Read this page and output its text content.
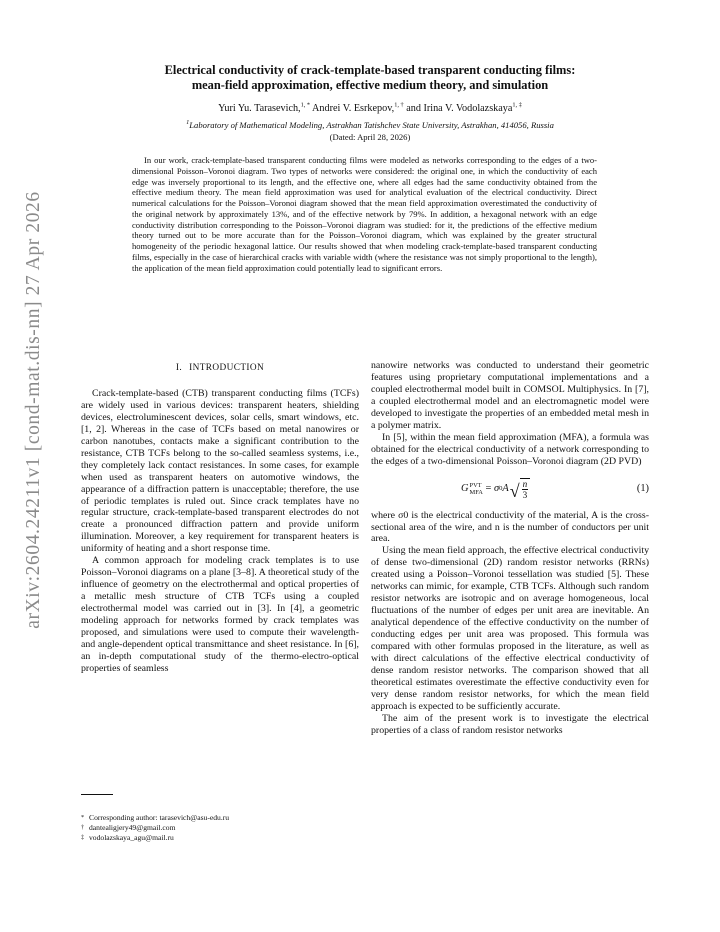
arXiv:2604.24211v1 [cond-mat.dis-nn] 27 Apr 2026
Electrical conductivity of crack-template-based transparent conducting films:
mean-field approximation, effective medium theory, and simulation
Yuri Yu. Tarasevich,$^{1, *}$ Andrei V. Esrkepov,$^{1, \dagger}$ and Irina V. Vodolazskaya$^{1, \ddagger}$
$^1$Laboratory of Mathematical Modeling, Astrakhan Tatishchev State University, Astrakhan, 414056, Russia
(Dated: April 28, 2026)

In our work, crack-template-based transparent conducting films were modeled as networks corresponding to the edges of a two-dimensional Poisson–Voronoi diagram. Two types of networks were considered: the original one, in which the conductivity of each edge was inversely proportional to its length, and the effective one, where all edges had the same conductivity obtained from the effective medium theory. The mean field approximation was used for analytical evaluation of the electrical conductivity. Direct numerical calculations for the Poisson–Voronoi diagram showed that the mean field approximation overestimated the conductivity of the original network by approximately 13%, and of the effective network by 79%. In addition, a hexagonal network with an edge conductivity distribution corresponding to the Poisson–Voronoi diagram was studied: for it, the predictions of the effective medium theory turned out to be more accurate than for the Poisson–Voronoi diagram, which was explained by the greater structural homogeneity of the periodic hexagonal lattice. Our results showed that when modeling crack-template-based transparent conducting films, especially in the case of hierarchical cracks with variable width (where the resistance was not simply proportional to the length), the application of the mean field approximation could potentially lead to significant errors.

I. INTRODUCTION

Crack-template-based (CTB) transparent conducting films (TCFs) are widely used in various devices: transparent heaters, shielding devices, electroluminescent devices, solar cells, smart windows, etc. [1, 2]. Whereas in the case of TCFs based on metal nanowires or carbon nanotubes, contacts make a significant contribution to the resistance, CTB TCFs belong to the so-called seamless systems, i.e., they completely lack contact resistances. In some cases, for example when used as transparent heaters on automotive windows, the appearance of a diffraction pattern is unacceptable; therefore, the use of periodic templates is ruled out. Since crack templates have no regular structure, crack-template-based transparent electrodes do not create a pronounced diffraction pattern and provide uniform illumination. Moreover, a key requirement for transparent heaters is uniformity of heating and a short response time.

A common approach for modeling crack templates is to use Poisson–Voronoi diagrams on a plane [3–8]. A theoretical study of the influence of geometry on the electrothermal and optical properties of a metallic mesh structure of CTB TCFs using a coupled electrothermal model was carried out in [3]. In [4], a geometric modeling approach for networks formed by crack templates was proposed, and simulations were used to compute their wavelength- and angle-dependent optical transmittance and sheet resistance. In [6], an in-depth computational study of the thermo-electro-optical properties of seamless

nanowire networks was conducted to understand their geometric features using proprietary computational implementations and a coupled electrothermal model built in COMSOL Multiphysics. In [7], a coupled electrothermal model and an electromagnetic model were developed to investigate the properties of an embedded metal mesh in a polymer matrix.

In [5], within the mean field approximation (MFA), a formula was obtained for the electrical conductivity of a network corresponding to the edges of a two-dimensional Poisson–Voronoi diagram (2D PVD)

G PVT
MFA = σ 0 A √ $\frac{n}{3}$	(1)

where σ0 is the electrical conductivity of the material, A is the cross-sectional area of the wire, and n is the number of conductors per unit area.

Using the mean field approach, the effective electrical conductivity of dense two-dimensional (2D) random resistor networks (RRNs) created using a Poisson–Voronoi tessellation was studied [5]. These networks can mimic, for example, CTB TCFs. Although such random resistor networks are isotropic and on average homogeneous, local fluctuations of the number of edges per unit area are inevitable. An analytical dependence of the effective conductivity on the number of conducting edges per unit area was proposed. This formula was compared with other formulas proposed in the literature, as well as with direct calculations of the effective electrical conductivity of dense random resistor networks. The comparison showed that all theoretical estimates overestimate the effective conductivity even for very dense random resistor networks, for which the mean field approach is expected to be sufficiently accurate.

The aim of the present work is to investigate the electrical properties of a class of random resistor networks

* Corresponding author: tarasevich@asu-edu.ru
† dantealigjery49@gmail.com
‡ vodolazskaya_agu@mail.ru
